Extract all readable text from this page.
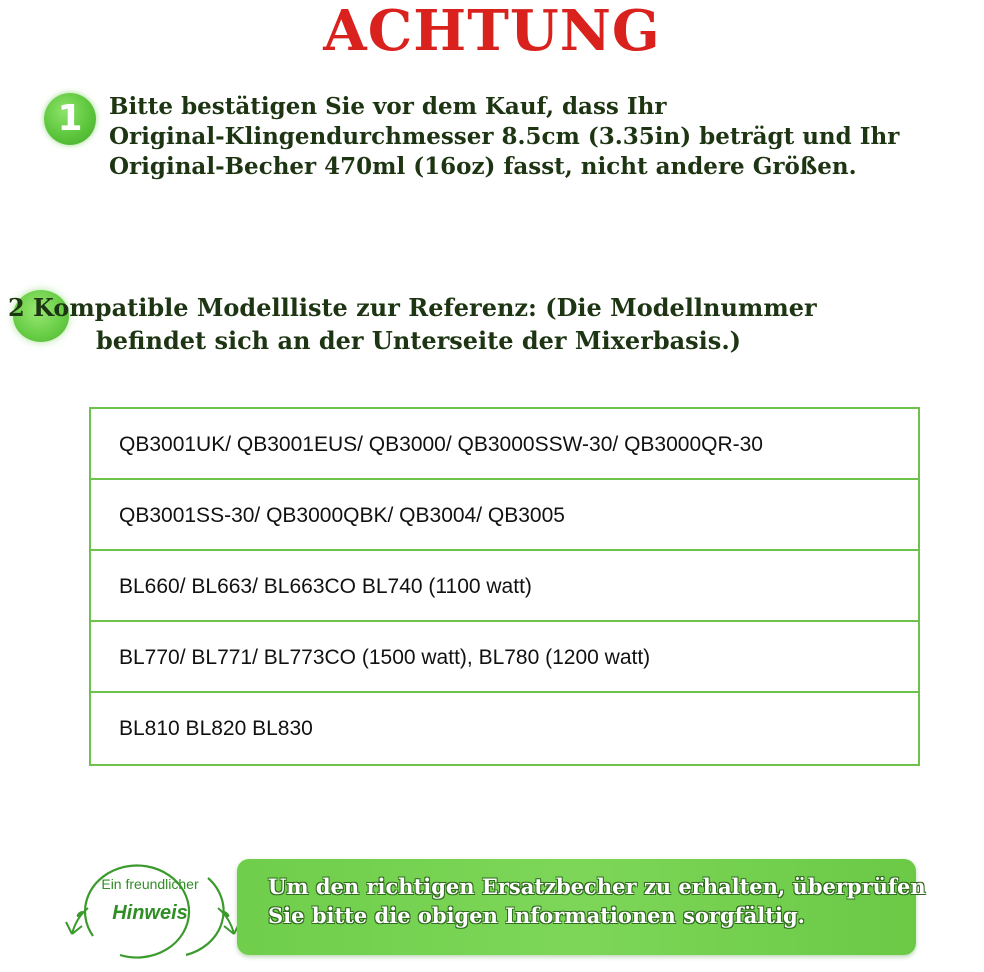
ACHTUNG
1	Bitte bestätigen Sie vor dem Kauf, dass Ihr
Original-Klingendurchmesser 8.5cm (3.35in) beträgt und Ihr
Original-Becher 470ml (16oz) fasst, nicht andere Größen.
2 Kompatible Modellliste zur Referenz: (Die Modellnummer
befindet sich an der Unterseite der Mixerbasis.)
QB3001UK/ QB3001EUS/ QB3000/ QB3000SSW-30/ QB3000QR-30
QB3001SS-30/ QB3000QBK/ QB3004/ QB3005
BL660/ BL663/ BL663CO BL740 (1100 watt)
BL770/ BL771/ BL773CO (1500 watt), BL780 (1200 watt)
BL810 BL820 BL830
Ein freundlicher
Hinweis
Um den richtigen Ersatzbecher zu erhalten, überprüfen
Sie bitte die obigen Informationen sorgfältig.
